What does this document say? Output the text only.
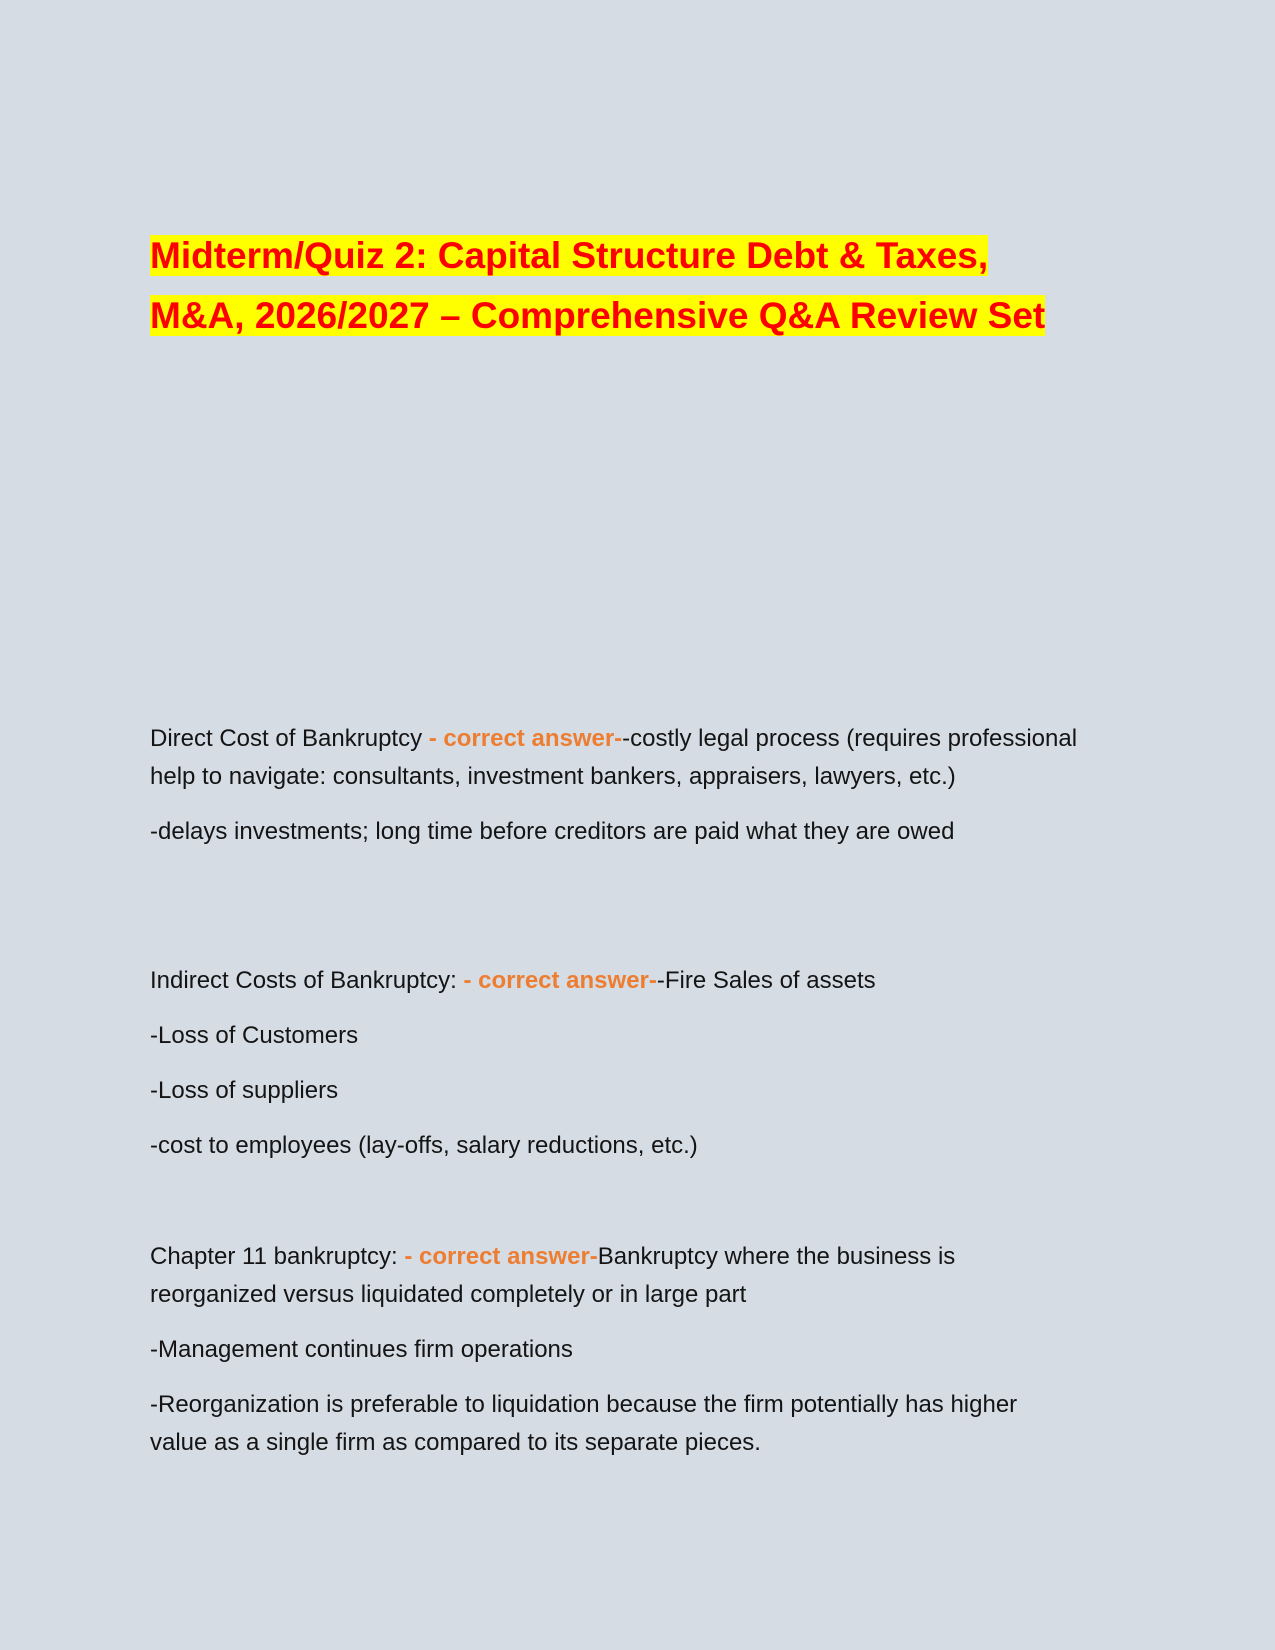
Midterm/Quiz 2: Capital Structure Debt & Taxes, M&A, 2026/2027 – Comprehensive Q&A Review Set

Direct Cost of Bankruptcy - correct answer--costly legal process (requires professional help to navigate: consultants, investment bankers, appraisers, lawyers, etc.)

-delays investments; long time before creditors are paid what they are owed

Indirect Costs of Bankruptcy: - correct answer--Fire Sales of assets

-Loss of Customers

-Loss of suppliers

-cost to employees (lay-offs, salary reductions, etc.)

Chapter 11 bankruptcy: - correct answer-Bankruptcy where the business is reorganized versus liquidated completely or in large part

-Management continues firm operations

-Reorganization is preferable to liquidation because the firm potentially has higher value as a single firm as compared to its separate pieces.
